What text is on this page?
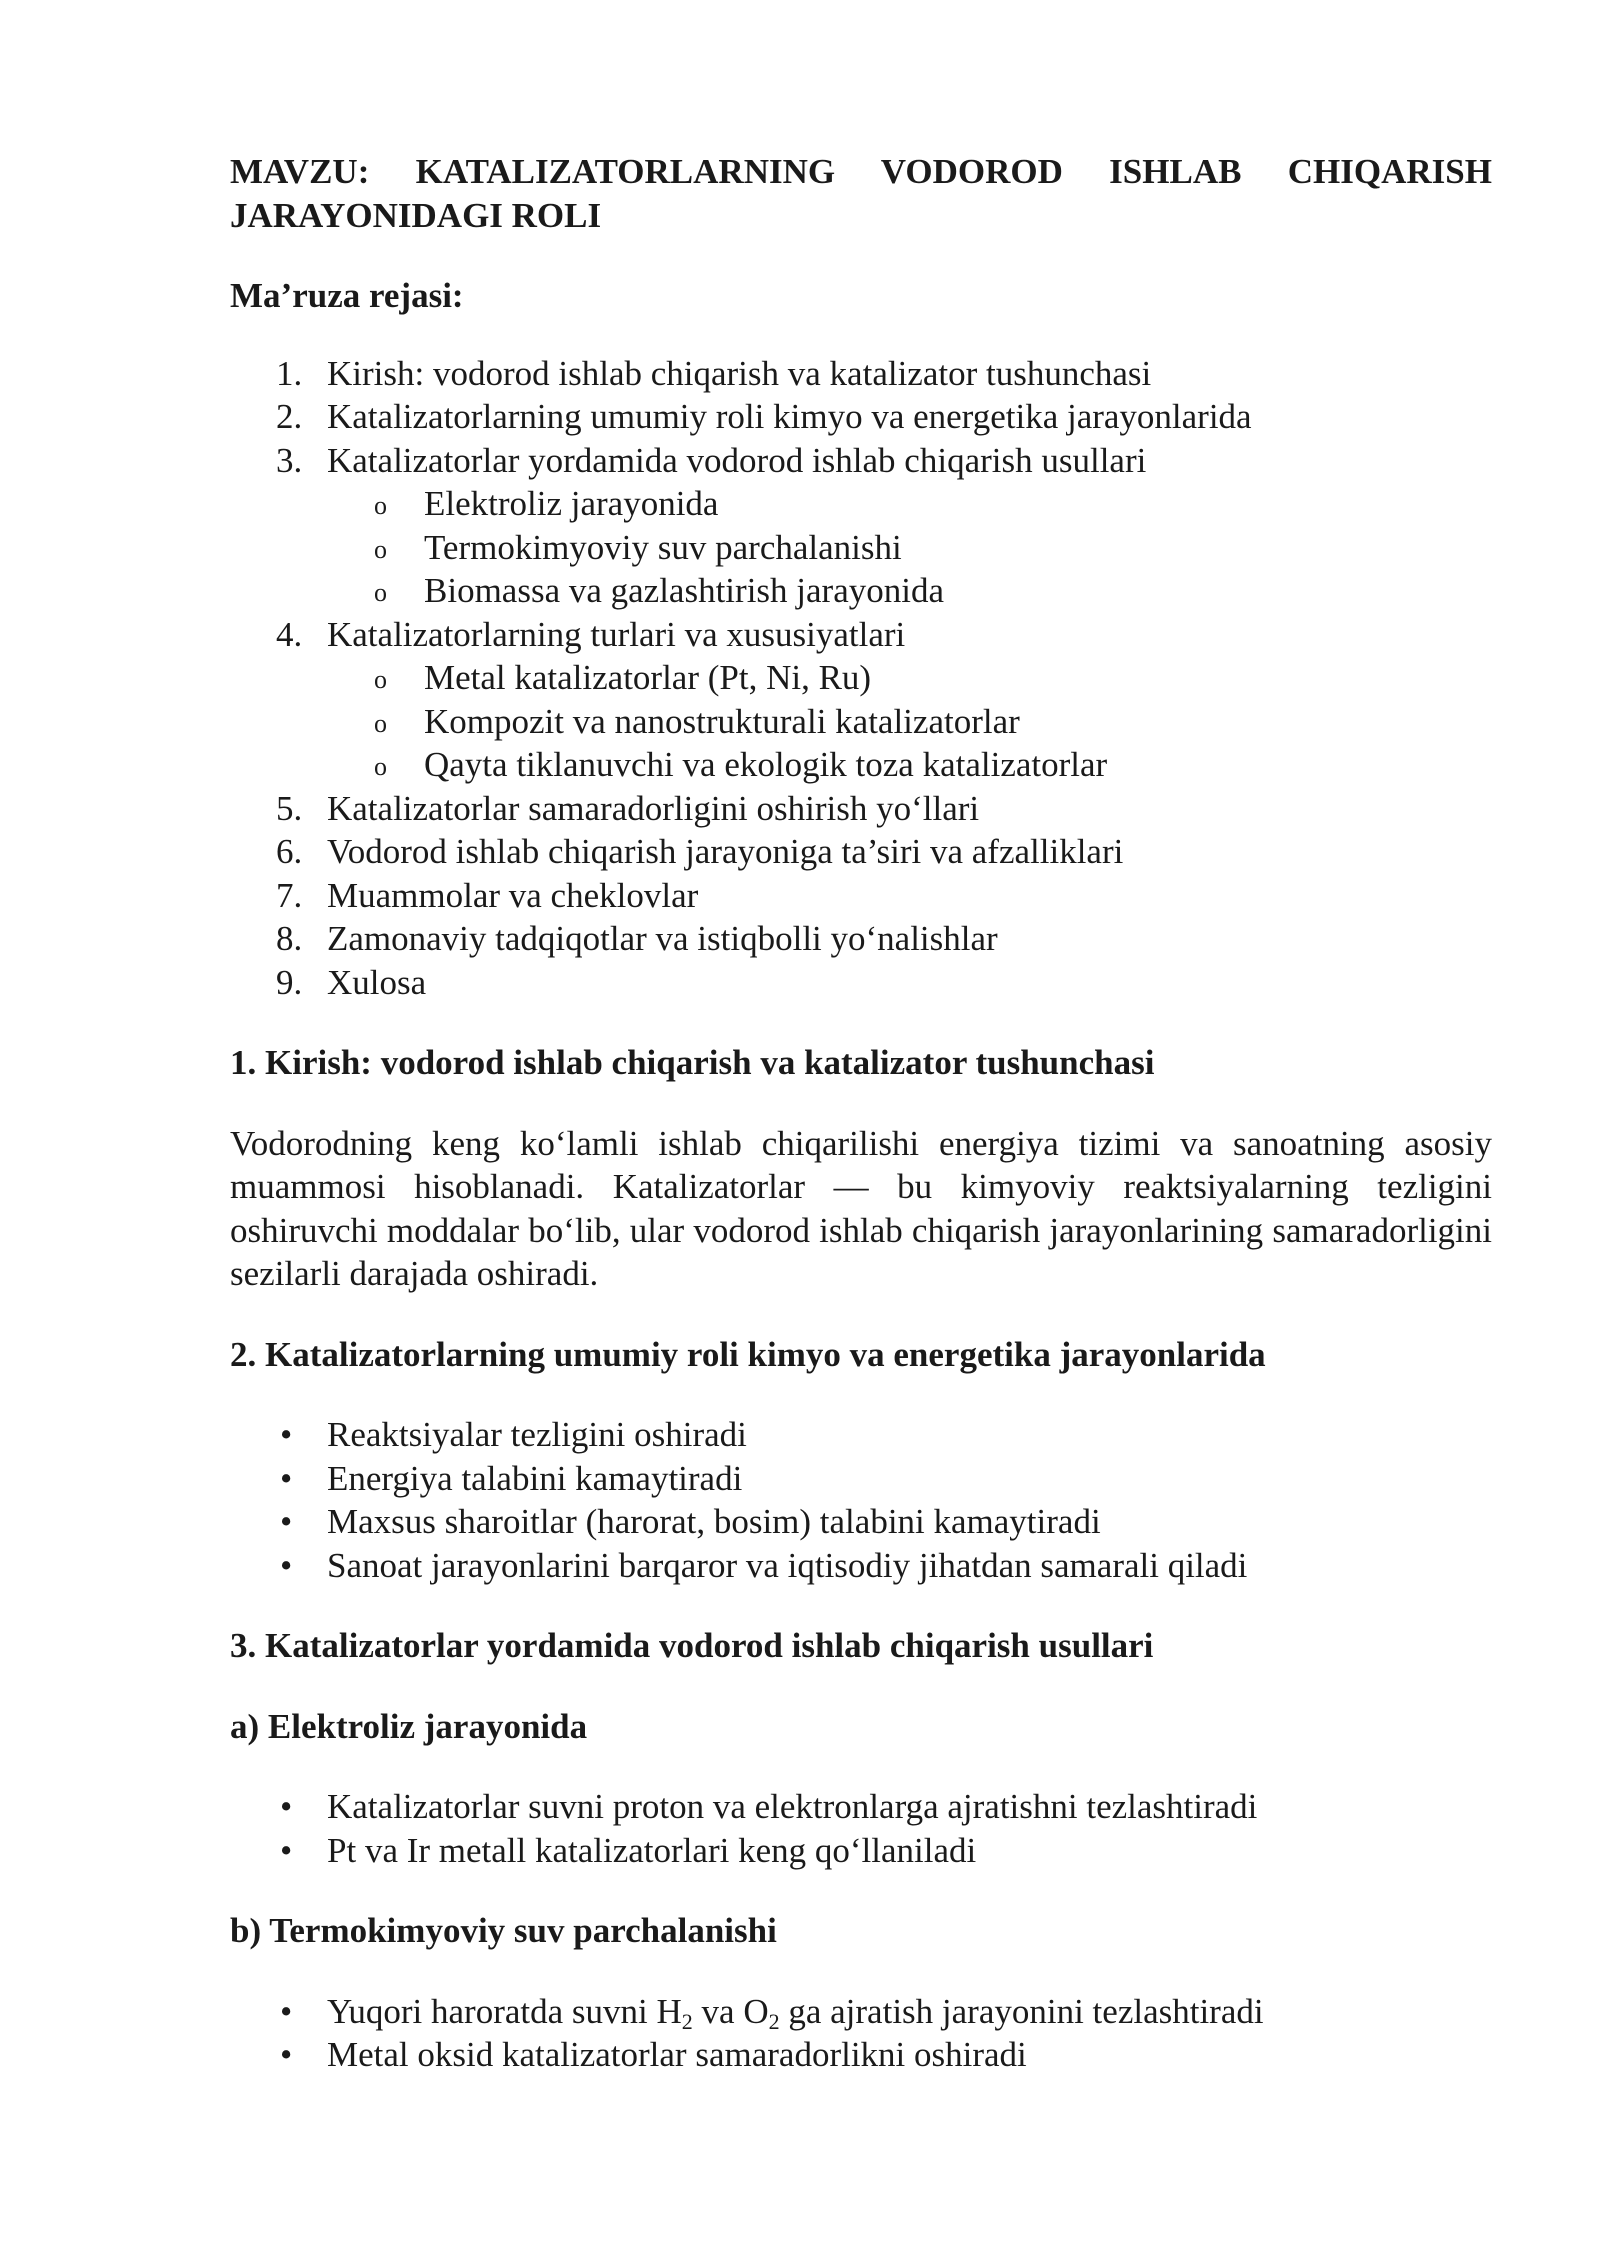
MAVZU: KATALIZATORLARNING VODOROD ISHLAB CHIQARISH JARAYONIDAGI ROLI

Ma’ruza rejasi:

1. Kirish: vodorod ishlab chiqarish va katalizator tushunchasi
2. Katalizatorlarning umumiy roli kimyo va energetika jarayonlarida
3. Katalizatorlar yordamida vodorod ishlab chiqarish usullari
o Elektroliz jarayonida
o Termokimyoviy suv parchalanishi
o Biomassa va gazlashtirish jarayonida
4. Katalizatorlarning turlari va xususiyatlari
o Metal katalizatorlar (Pt, Ni, Ru)
o Kompozit va nanostrukturali katalizatorlar
o Qayta tiklanuvchi va ekologik toza katalizatorlar
5. Katalizatorlar samaradorligini oshirish yo‘llari
6. Vodorod ishlab chiqarish jarayoniga ta’siri va afzalliklari
7. Muammolar va cheklovlar
8. Zamonaviy tadqiqotlar va istiqbolli yo‘nalishlar
9. Xulosa

1. Kirish: vodorod ishlab chiqarish va katalizator tushunchasi

Vodorodning keng ko‘lamli ishlab chiqarilishi energiya tizimi va sanoatning asosiy muammosi hisoblanadi. Katalizatorlar — bu kimyoviy reaktsiyalarning tezligini oshiruvchi moddalar bo‘lib, ular vodorod ishlab chiqarish jarayonlarining samaradorligini sezilarli darajada oshiradi.

2. Katalizatorlarning umumiy roli kimyo va energetika jarayonlarida

• Reaktsiyalar tezligini oshiradi
• Energiya talabini kamaytiradi
• Maxsus sharoitlar (harorat, bosim) talabini kamaytiradi
• Sanoat jarayonlarini barqaror va iqtisodiy jihatdan samarali qiladi

3. Katalizatorlar yordamida vodorod ishlab chiqarish usullari

a) Elektroliz jarayonida

• Katalizatorlar suvni proton va elektronlarga ajratishni tezlashtiradi
• Pt va Ir metall katalizatorlari keng qo‘llaniladi

b) Termokimyoviy suv parchalanishi

• Yuqori haroratda suvni $H_2$ va $O_2$ ga ajratish jarayonini tezlashtiradi
• Metal oksid katalizatorlar samaradorlikni oshiradi
